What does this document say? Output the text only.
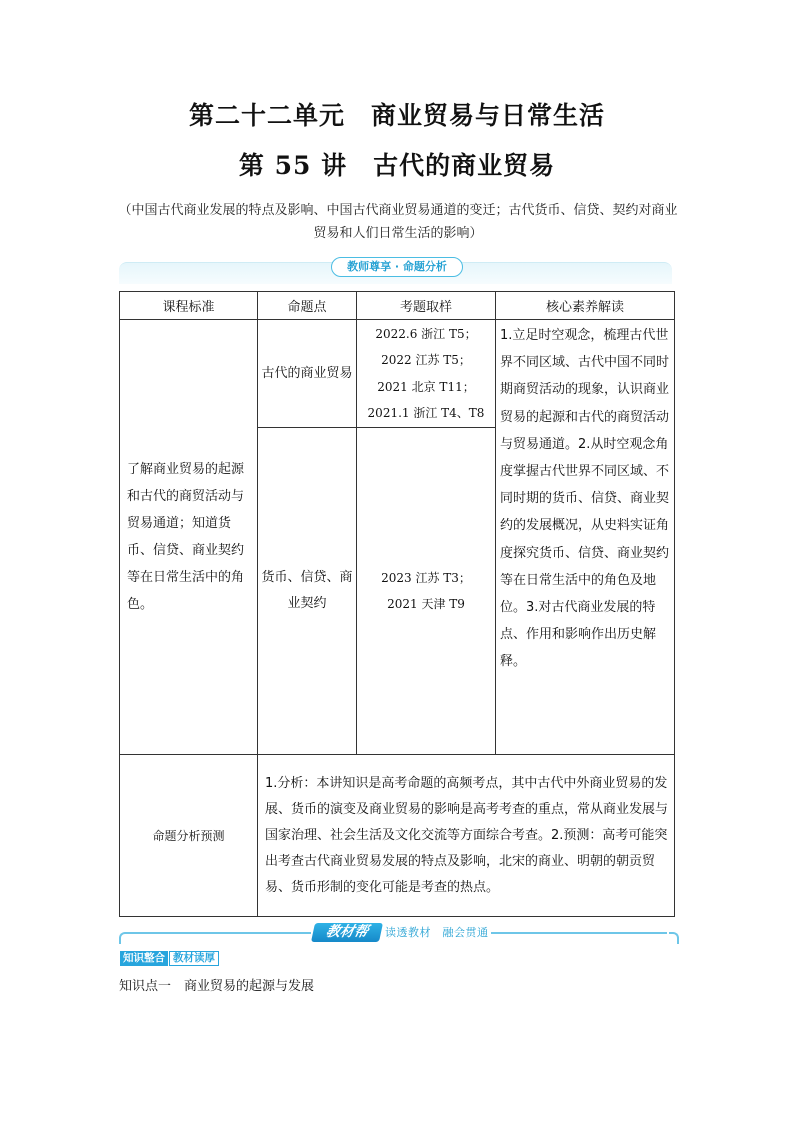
第二十二单元　商业贸易与日常生活
第 55 讲　古代的商业贸易
（中国古代商业发展的特点及影响、中国古代商业贸易通道的变迁；古代货币、信贷、契约对商业贸易和人们日常生活的影响）
教师尊享 · 命题分析
课程标准	命题点	考题取样	核心素养解读
了解商业贸易的起源和古代的商贸活动与贸易通道；知道货币、信贷、商业契约等在日常生活中的角色。	古代的商业贸易	2022.6 浙江 T5；
2022 江苏 T5；
2021 北京 T11；
2021.1 浙江 T4、T8	1.立足时空观念，梳理古代世界不同区域、古代中国不同时期商贸活动的现象，认识商业贸易的起源和古代的商贸活动与贸易通道。2.从时空观念角度掌握古代世界不同区域、不同时期的货币、信贷、商业契约的发展概况，从史料实证角度探究货币、信贷、商业契约等在日常生活中的角色及地位。3.对古代商业发展的特点、作用和影响作出历史解释。
	货币、信贷、商业契约	2023 江苏 T3；
2021 天津 T9	

命题分析预测	1.分析：本讲知识是高考命题的高频考点，其中古代中外商业贸易的发展、货币的演变及商业贸易的影响是高考考查的重点，常从商业发展与国家治理、社会生活及文化交流等方面综合考查。2.预测：高考可能突出考查古代商业贸易发展的特点及影响，北宋的商业、明朝的朝贡贸易、货币形制的变化可能是考查的热点。		
教材帮	读透教材　融会贯通
知识整合 教材读厚
知识点一　商业贸易的起源与发展
